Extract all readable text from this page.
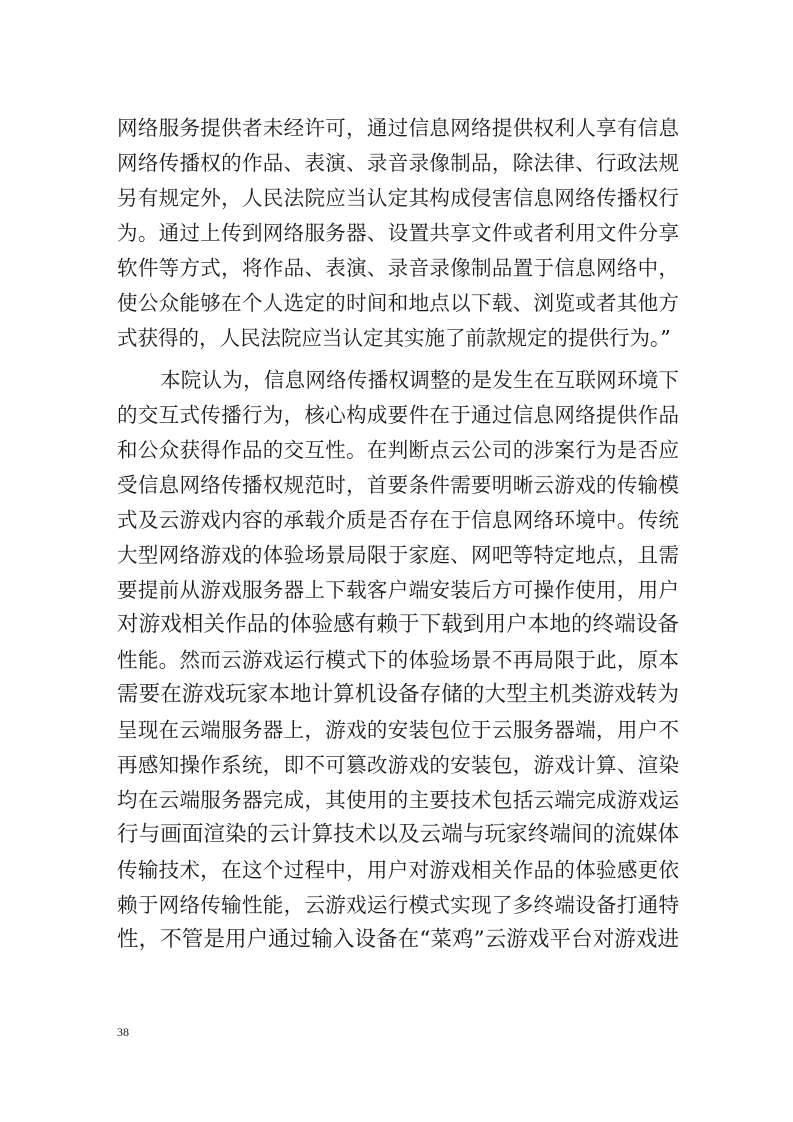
网络服务提供者未经许可，通过信息网络提供权利人享有信息
网络传播权的作品、表演、录音录像制品，除法律、行政法规
另有规定外，人民法院应当认定其构成侵害信息网络传播权行
为。通过上传到网络服务器、设置共享文件或者利用文件分享
软件等方式，将作品、表演、录音录像制品置于信息网络中，
使公众能够在个人选定的时间和地点以下载、浏览或者其他方
式获得的，人民法院应当认定其实施了前款规定的提供行为。”
本院认为，信息网络传播权调整的是发生在互联网环境下
的交互式传播行为，核心构成要件在于通过信息网络提供作品
和公众获得作品的交互性。在判断点云公司的涉案行为是否应
受信息网络传播权规范时，首要条件需要明晰云游戏的传输模
式及云游戏内容的承载介质是否存在于信息网络环境中。传统
大型网络游戏的体验场景局限于家庭、网吧等特定地点，且需
要提前从游戏服务器上下载客户端安装后方可操作使用，用户
对游戏相关作品的体验感有赖于下载到用户本地的终端设备
性能。然而云游戏运行模式下的体验场景不再局限于此，原本
需要在游戏玩家本地计算机设备存储的大型主机类游戏转为
呈现在云端服务器上，游戏的安装包位于云服务器端，用户不
再感知操作系统，即不可篡改游戏的安装包，游戏计算、渲染
均在云端服务器完成，其使用的主要技术包括云端完成游戏运
行与画面渲染的云计算技术以及云端与玩家终端间的流媒体
传输技术，在这个过程中，用户对游戏相关作品的体验感更依
赖于网络传输性能，云游戏运行模式实现了多终端设备打通特
性，不管是用户通过输入设备在“菜鸡”云游戏平台对游戏进
38
